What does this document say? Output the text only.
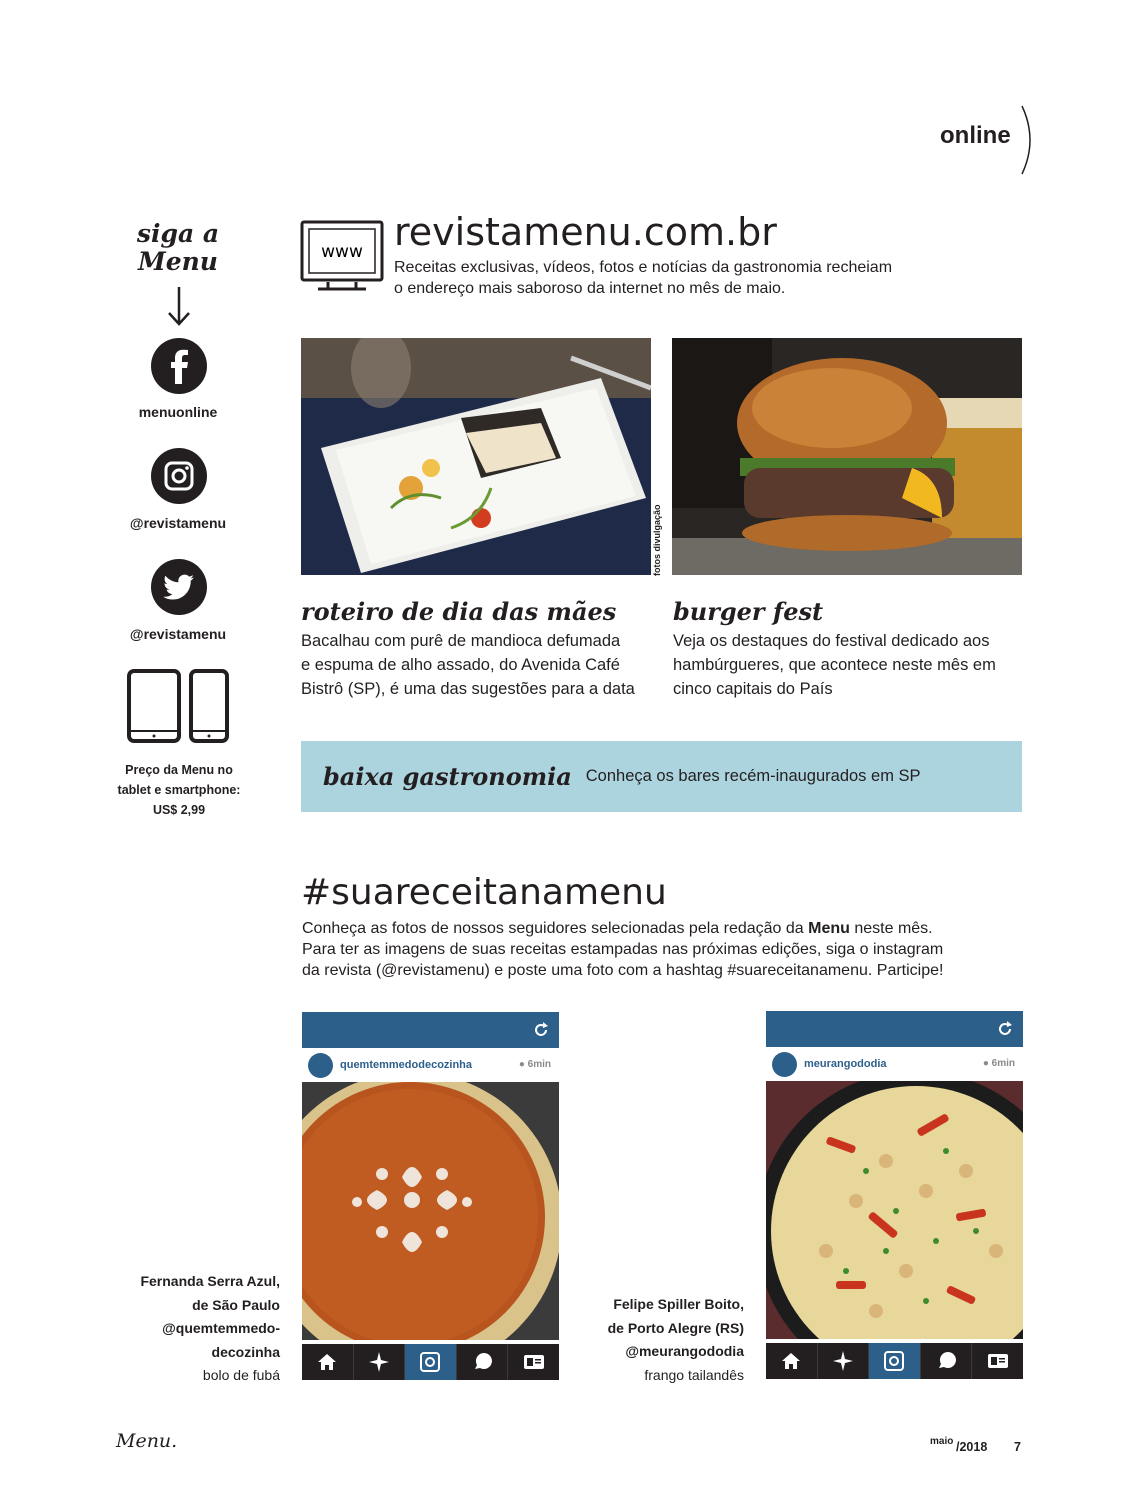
online
siga a
Menu
menuonline
@revistamenu
@revistamenu
Preço da Menu no
tablet e smartphone:
US$ 2,99
www revistamenu.com.br
Receitas exclusivas, vídeos, fotos e notícias da gastronomia recheiam
o endereço mais saboroso da internet no mês de maio.
fotos divulgação
roteiro de dia das mães
Bacalhau com purê de mandioca defumada
e espuma de alho assado, do Avenida Café
Bistrô (SP), é uma das sugestões para a data
burger fest
Veja os destaques do festival dedicado aos
hambúrgueres, que acontece neste mês em
cinco capitais do País
baixa gastronomia Conheça os bares recém-inaugurados em SP
#suareceitanamenu
Conheça as fotos de nossos seguidores selecionadas pela redação da Menu neste mês.
Para ter as imagens de suas receitas estampadas nas próximas edições, siga o instagram
da revista (@revistamenu) e poste uma foto com a hashtag #suareceitanamenu. Participe!
quemtemmedodecozinha	● 6min
Fernanda Serra Azul,
de São Paulo
@quemtemmedo-
decozinha
bolo de fubá
meurangododia	● 6min
Felipe Spiller Boito,
de Porto Alegre (RS)
@meurangododia
frango tailandês
Menu.	maio /2018 7
